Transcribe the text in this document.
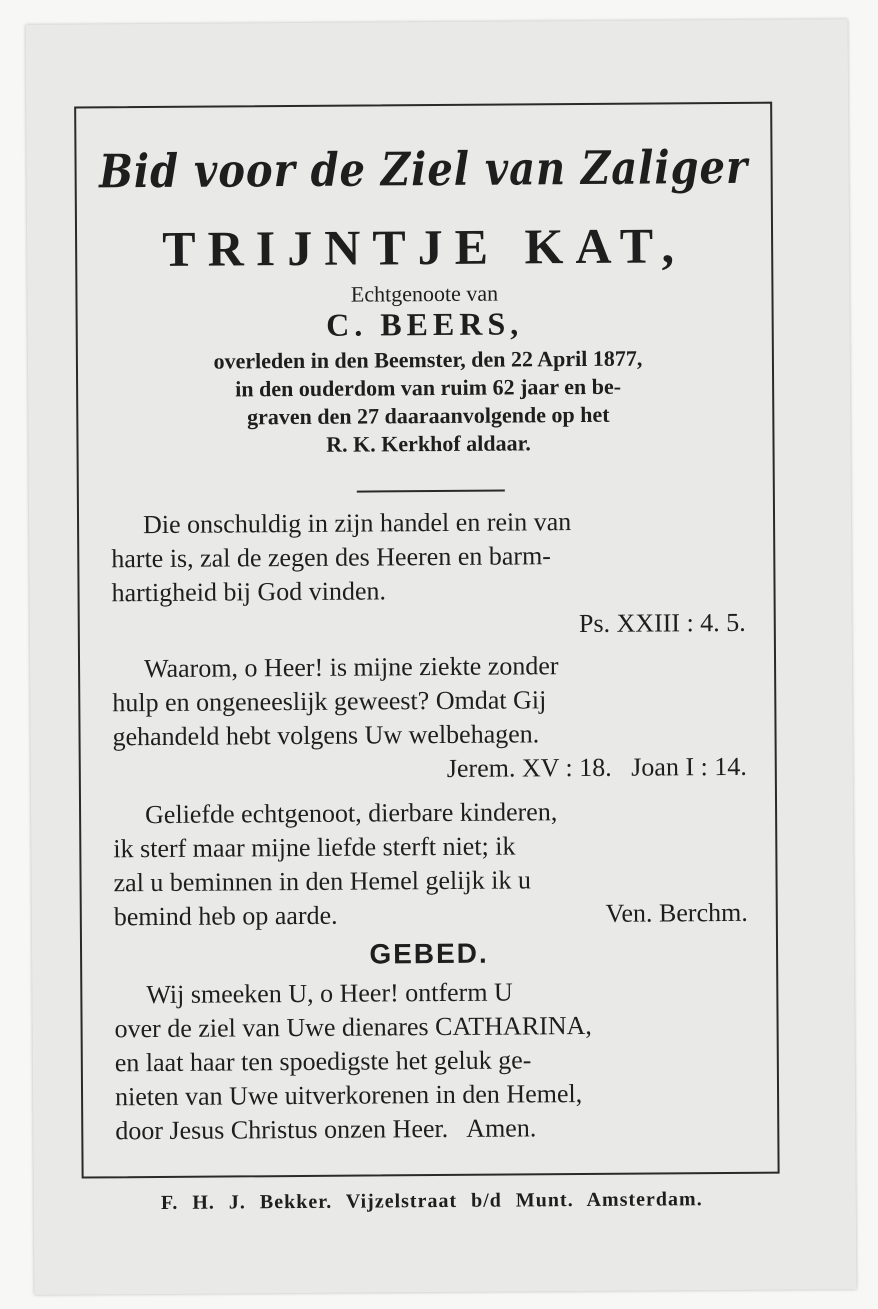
Bid voor de Ziel van Zaliger
TRIJNTJE KAT,
Echtgenoote van
C. BEERS,
overleden in den Beemster, den 22 April 1877,
in den ouderdom van ruim 62 jaar en be-
graven den 27 daaraanvolgende op het
R. K. Kerkhof aldaar.
Die onschuldig in zijn handel en rein van
harte is, zal de zegen des Heeren en barm-
hartigheid bij God vinden.
Ps. XXIII : 4. 5.
Waarom, o Heer! is mijne ziekte zonder
hulp en ongeneeslijk geweest? Omdat Gij
gehandeld hebt volgens Uw welbehagen.
Jerem. XV : 18.   Joan I : 14.
Geliefde echtgenoot, dierbare kinderen,
ik sterf maar mijne liefde sterft niet; ik
zal u beminnen in den Hemel gelijk ik u
bemind heb op aarde.	Ven. Berchm.
GEBED.
Wij smeeken U, o Heer! ontferm U
over de ziel van Uwe dienares CATHARINA,
en laat haar ten spoedigste het geluk ge-
nieten van Uwe uitverkorenen in den Hemel,
door Jesus Christus onzen Heer.   Amen.
F. H. J. Bekker. Vijzelstraat b/d Munt. Amsterdam.
